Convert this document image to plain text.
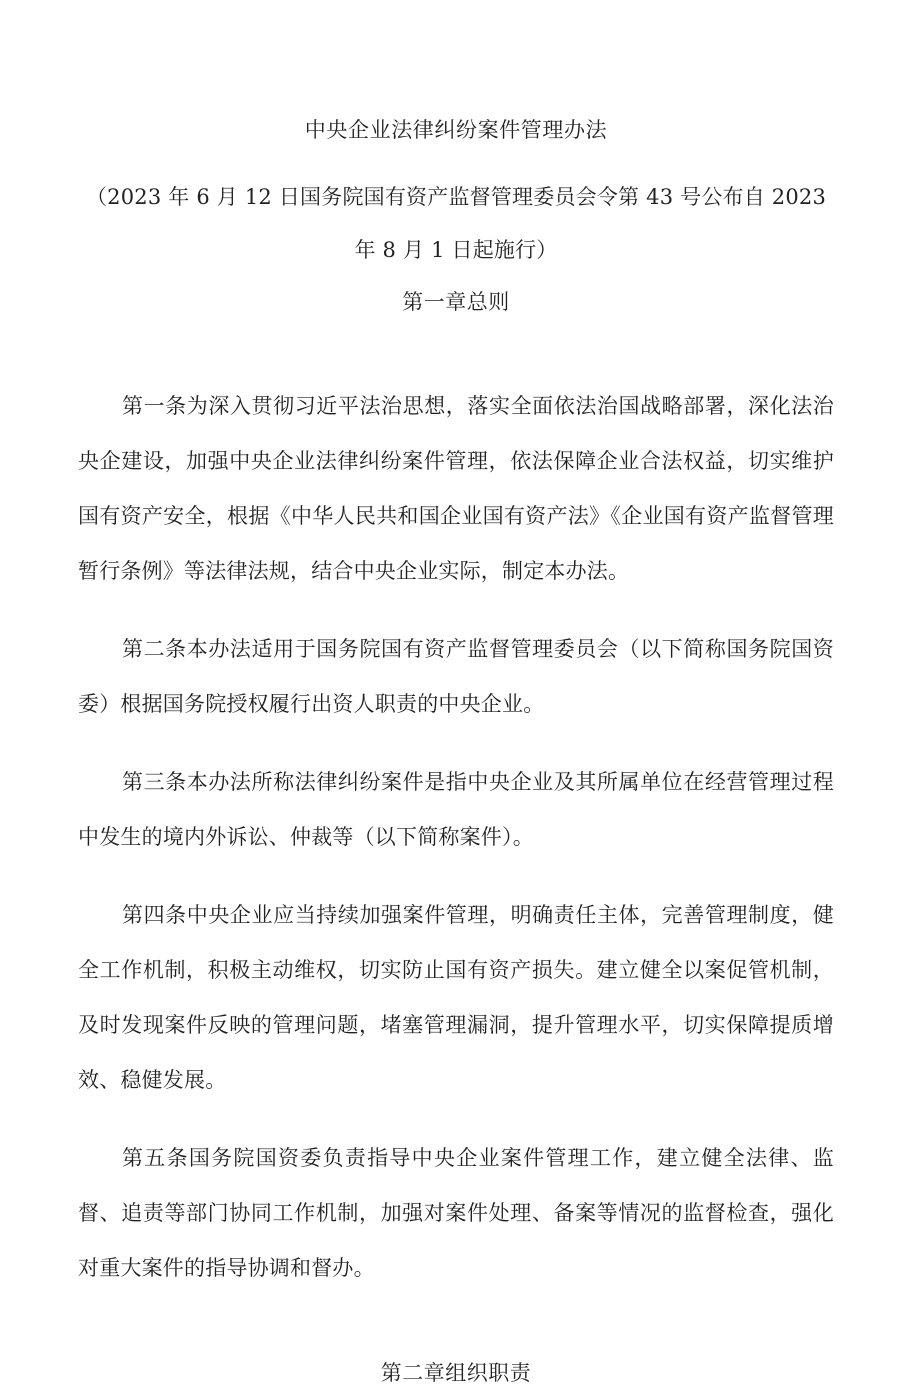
中央企业法律纠纷案件管理办法

（2023 年 6 月 12 日国务院国有资产监督管理委员会令第 43 号公布自 2023 年 8 月 1 日起施行）

第一章总则

第一条为深入贯彻习近平法治思想，落实全面依法治国战略部署，深化法治央企建设，加强中央企业法律纠纷案件管理，依法保障企业合法权益，切实维护国有资产安全，根据《中华人民共和国企业国有资产法》《企业国有资产监督管理暂行条例》等法律法规，结合中央企业实际，制定本办法。

第二条本办法适用于国务院国有资产监督管理委员会（以下简称国务院国资委）根据国务院授权履行出资人职责的中央企业。

第三条本办法所称法律纠纷案件是指中央企业及其所属单位在经营管理过程中发生的境内外诉讼、仲裁等（以下简称案件）。

第四条中央企业应当持续加强案件管理，明确责任主体，完善管理制度，健全工作机制，积极主动维权，切实防止国有资产损失。建立健全以案促管机制，及时发现案件反映的管理问题，堵塞管理漏洞，提升管理水平，切实保障提质增效、稳健发展。

第五条国务院国资委负责指导中央企业案件管理工作，建立健全法律、监督、追责等部门协同工作机制，加强对案件处理、备案等情况的监督检查，强化对重大案件的指导协调和督办。

第二章组织职责
